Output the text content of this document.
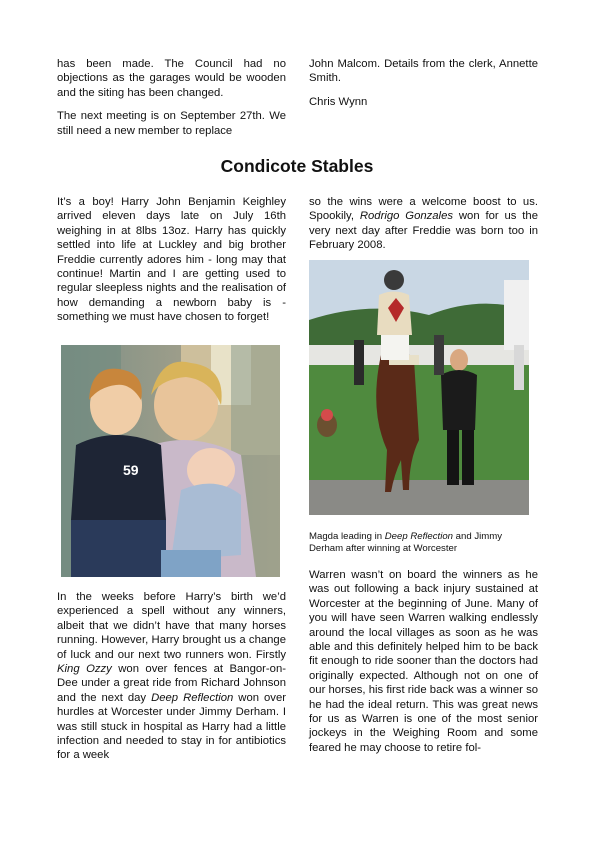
has been made. The Council had no objections as the garages would be wooden and the siting has been changed.

The next meeting is on September 27th. We still need a new member to replace

John Malcom. Details from the clerk, Annette Smith.

Chris Wynn

Condicote Stables

It’s a boy! Harry John Benjamin Keighley arrived eleven days late on July 16th weighing in at 8lbs 13oz. Harry has quickly settled into life at Luckley and big brother Freddie currently adores him - long may that continue! Martin and I are getting used to regular sleepless nights and the realisation of how demanding a newborn baby is - something we must have chosen to forget!

59

In the weeks before Harry’s birth we’d experienced a spell without any winners, albeit that we didn’t have that many horses running. However, Harry brought us a change of luck and our next two runners won. Firstly King Ozzy won over fences at Bangor-on-Dee under a great ride from Richard Johnson and the next day Deep Reflection won over hurdles at Worcester under Jimmy Derham. I was still stuck in hospital as Harry had a little infection and needed to stay in for antibiotics for a week

so the wins were a welcome boost to us. Spookily, Rodrigo Gonzales won for us the very next day after Freddie was born too in February 2008.

Magda leading in Deep Reflection and Jimmy Derham after winning at Worcester

Warren wasn’t on board the winners as he was out following a back injury sustained at Worcester at the beginning of June. Many of you will have seen Warren walking endlessly around the local villages as soon as he was able and this definitely helped him to be back fit enough to ride sooner than the doctors had originally expected. Although not on one of our horses, his first ride back was a winner so he had the ideal return. This was great news for us as Warren is one of the most senior jockeys in the Weighing Room and some feared he may choose to retire fol-
